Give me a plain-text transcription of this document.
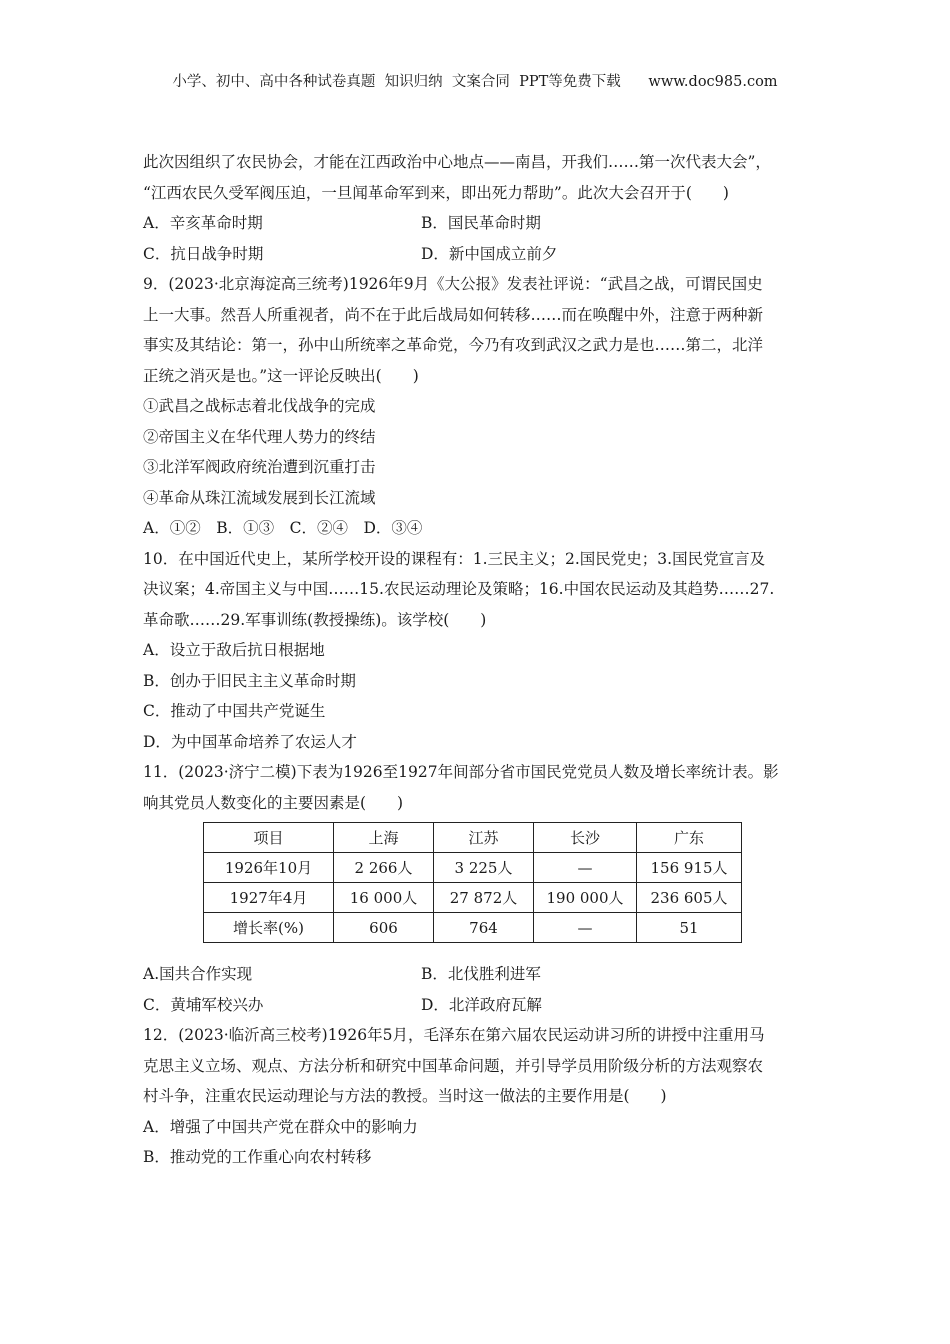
小学、初中、高中各种试卷真题  知识归纳  文案合同  PPT等免费下载      www.doc985.com
此次因组织了农民协会，才能在江西政治中心地点——南昌，开我们……第一次代表大会”，
“江西农民久受军阀压迫，一旦闻革命军到来，即出死力帮助”。此次大会召开于(　　)
A．辛亥革命时期	B．国民革命时期
C．抗日战争时期	D．新中国成立前夕
9．(2023·北京海淀高三统考)1926年9月《大公报》发表社评说：“武昌之战，可谓民国史
上一大事。然吾人所重视者，尚不在于此后战局如何转移……而在唤醒中外，注意于两种新
事实及其结论：第一，孙中山所统率之革命党，今乃有攻到武汉之武力是也……第二，北洋
正统之消灭是也。”这一评论反映出(　　)
①武昌之战标志着北伐战争的完成
②帝国主义在华代理人势力的终结
③北洋军阀政府统治遭到沉重打击
④革命从珠江流域发展到长江流域
A．①②　B．①③　C．②④　D．③④
10．在中国近代史上，某所学校开设的课程有：1.三民主义；2.国民党史；3.国民党宣言及
决议案；4.帝国主义与中国……15.农民运动理论及策略；16.中国农民运动及其趋势……27.
革命歌……29.军事训练(教授操练)。该学校(　　)
A．设立于敌后抗日根据地
B．创办于旧民主主义革命时期
C．推动了中国共产党诞生
D．为中国革命培养了农运人才
11．(2023·济宁二模)下表为1926至1927年间部分省市国民党党员人数及增长率统计表。影
响其党员人数变化的主要因素是(　　)
项目	上海	江苏	长沙	广东
1926年10月	2 266人	3 225人	—	156 915人
1927年4月	16 000人	27 872人	190 000人	236 605人
增长率(%)	606	764	—	51
A.国共合作实现	B．北伐胜利进军
C．黄埔军校兴办	D．北洋政府瓦解
12．(2023·临沂高三校考)1926年5月，毛泽东在第六届农民运动讲习所的讲授中注重用马
克思主义立场、观点、方法分析和研究中国革命问题，并引导学员用阶级分析的方法观察农
村斗争，注重农民运动理论与方法的教授。当时这一做法的主要作用是(　　)
A．增强了中国共产党在群众中的影响力
B．推动党的工作重心向农村转移
